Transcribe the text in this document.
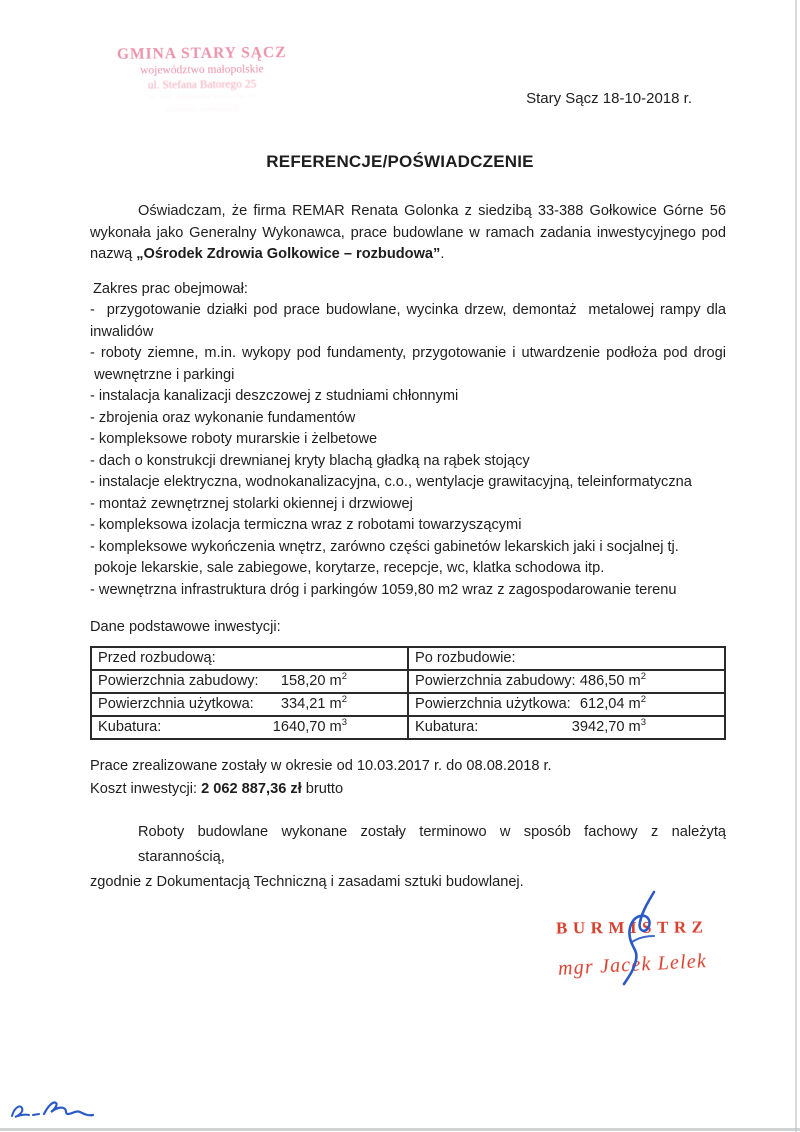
GMINA STARY SĄCZ
województwo małopolskie
ul. Stefana Batorego 25
·· ··· ········ ···· ·· ··
······· ·········
Stary Sącz 18-10-2018 r.
REFERENCJE/POŚWIADCZENIE
Oświadczam, że firma REMAR Renata Golonka z siedzibą 33-388 Gołkowice Górne 56
wykonała jako Generalny Wykonawca, prace budowlane w ramach zadania inwestycyjnego pod
nazwą „Ośrodek Zdrowia Golkowice – rozbudowa”.
Zakres prac obejmował:
-  przygotowanie działki pod prace budowlane, wycinka drzew, demontaż  metalowej rampy dla
inwalidów
- roboty ziemne, m.in. wykopy pod fundamenty, przygotowanie i utwardzenie podłoża pod drogi
wewnętrzne i parkingi
- instalacja kanalizacji deszczowej z studniami chłonnymi
- zbrojenia oraz wykonanie fundamentów
- kompleksowe roboty murarskie i żelbetowe
- dach o konstrukcji drewnianej kryty blachą gładką na rąbek stojący
- instalacje elektryczna, wodnokanalizacyjna, c.o., wentylacje grawitacyjną, teleinformatyczna
- montaż zewnętrznej stolarki okiennej i drzwiowej
- kompleksowa izolacja termiczna wraz z robotami towarzyszącymi
- kompleksowe wykończenia wnętrz, zarówno części gabinetów lekarskich jaki i socjalnej tj.
pokoje lekarskie, sale zabiegowe, korytarze, recepcje, wc, klatka schodowa itp.
- wewnętrzna infrastruktura dróg i parkingów 1059,80 m2 wraz z zagospodarowanie terenu
Dane podstawowe inwestycji:
Przed rozbudową:	Po rozbudowie:

Powierzchnia zabudowy: 158,20 $m^2$	Powierzchnia zabudowy: 486,50 $m^2$

Powierzchnia użytkowa: 334,21 $m^2$	Powierzchnia użytkowa: 612,04 $m^2$

Kubatura: 1640,70 $m^3$	Kubatura: 3942,70 $m^3$
Prace zrealizowane zostały w okresie od 10.03.2017 r. do 08.08.2018 r.
Koszt inwestycji: 2 062 887,36 zł brutto
Roboty budowlane wykonane zostały terminowo w sposób fachowy z należytą starannością,
zgodnie z Dokumentacją Techniczną i zasadami sztuki budowlanej.
BURMISTRZ
mgr Jacek Lelek
